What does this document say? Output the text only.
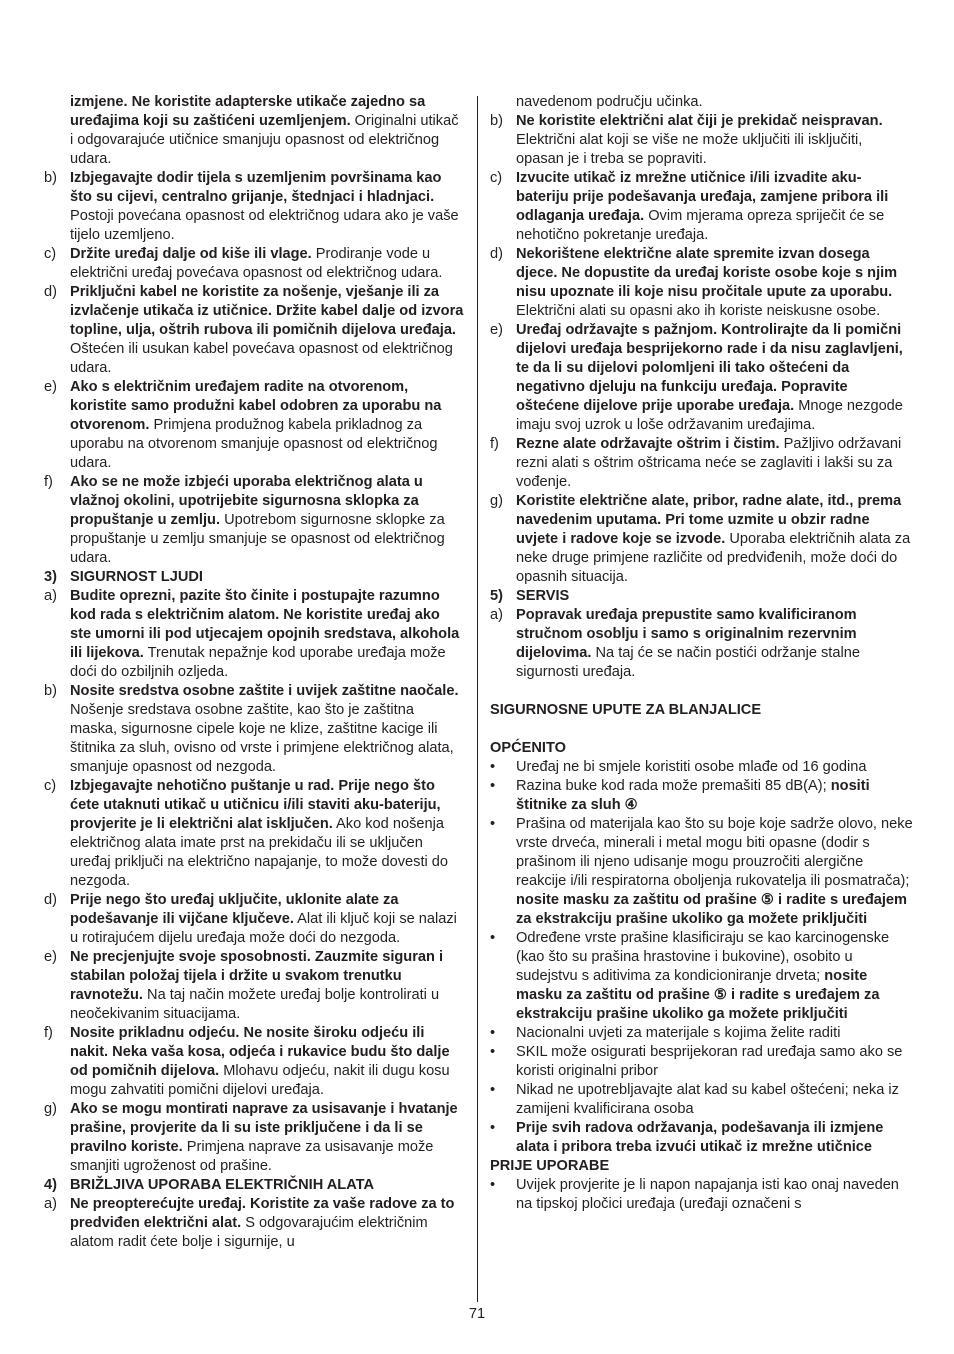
izmjene. Ne koristite adapterske utikače zajedno sa uređajima koji su zaštićeni uzemljenjem. Originalni utikač i odgovarajuće utičnice smanjuju opasnost od električnog udara.
b) Izbjegavajte dodir tijela s uzemljenim površinama kao što su cijevi, centralno grijanje, štednjaci i hladnjaci. Postoji povećana opasnost od električnog udara ako je vaše tijelo uzemljeno.
c) Držite uređaj dalje od kiše ili vlage. Prodiranje vode u električni uređaj povećava opasnost od električnog udara.
d) Priključni kabel ne koristite za nošenje, vješanje ili za izvlačenje utikača iz utičnice. Držite kabel dalje od izvora topline, ulja, oštrih rubova ili pomičnih dijelova uređaja. Oštećen ili usukan kabel povećava opasnost od električnog udara.
e) Ako s električnim uređajem radite na otvorenom, koristite samo produžni kabel odobren za uporabu na otvorenom. Primjena produžnog kabela prikladnog za uporabu na otvorenom smanjuje opasnost od električnog udara.
f) Ako se ne može izbjeći uporaba električnog alata u vlažnoj okolini, upotrijebite sigurnosna sklopka za propuštanje u zemlju. Upotrebom sigurnosne sklopke za propuštanje u zemlju smanjuje se opasnost od električnog udara.
3) SIGURNOST LJUDI
a) Budite oprezni, pazite što činite i postupajte razumno kod rada s električnim alatom. Ne koristite uređaj ako ste umorni ili pod utjecajem opojnih sredstava, alkohola ili lijekova. Trenutak nepažnje kod uporabe uređaja može doći do ozbiljnih ozljeda.
b) Nosite sredstva osobne zaštite i uvijek zaštitne naočale. Nošenje sredstava osobne zaštite, kao što je zaštitna maska, sigurnosne cipele koje ne klize, zaštitne kacige ili štitnika za sluh, ovisno od vrste i primjene električnog alata, smanjuje opasnost od nezgoda.
c) Izbjegavajte nehotično puštanje u rad. Prije nego što ćete utaknuti utikač u utičnicu i/ili staviti aku-bateriju, provjerite je li električni alat isključen. Ako kod nošenja električnog alata imate prst na prekidaču ili se uključen uređaj priključi na električno napajanje, to može dovesti do nezgoda.
d) Prije nego što uređaj uključite, uklonite alate za podešavanje ili vijčane ključeve. Alat ili ključ koji se nalazi u rotirajućem dijelu uređaja može doći do nezgoda.
e) Ne precjenjujte svoje sposobnosti. Zauzmite siguran i stabilan položaj tijela i držite u svakom trenutku ravnotežu. Na taj način možete uređaj bolje kontrolirati u neočekivanim situacijama.
f) Nosite prikladnu odjeću. Ne nosite široku odjeću ili nakit. Neka vaša kosa, odjeća i rukavice budu što dalje od pomičnih dijelova. Mlohavu odjeću, nakit ili dugu kosu mogu zahvatiti pomični dijelovi uređaja.
g) Ako se mogu montirati naprave za usisavanje i hvatanje prašine, provjerite da li su iste priključene i da li se pravilno koriste. Primjena naprave za usisavanje može smanjiti ugroženost od prašine.
4) BRIŽLJIVA UPORABA ELEKTRIČNIH ALATA
a) Ne preopterećujte uređaj. Koristite za vaše radove za to predviđen električni alat. S odgovarajućim električnim alatom radit ćete bolje i sigurnije, u
navedenom području učinka.
b) Ne koristite električni alat čiji je prekidač neispravan. Električni alat koji se više ne može uključiti ili isključiti, opasan je i treba se popraviti.
c) Izvucite utikač iz mrežne utičnice i/ili izvadite aku-bateriju prije podešavanja uređaja, zamjene pribora ili odlaganja uređaja. Ovim mjerama opreza spriječit će se nehotično pokretanje uređaja.
d) Nekorištene električne alate spremite izvan dosega djece. Ne dopustite da uređaj koriste osobe koje s njim nisu upoznate ili koje nisu pročitale upute za uporabu. Električni alati su opasni ako ih koriste neiskusne osobe.
e) Uređaj održavajte s pažnjom. Kontrolirajte da li pomični dijelovi uređaja besprijekorno rade i da nisu zaglavljeni, te da li su dijelovi polomljeni ili tako oštećeni da negativno djeluju na funkciju uređaja. Popravite oštećene dijelove prije uporabe uređaja. Mnoge nezgode imaju svoj uzrok u loše održavanim uređajima.
f) Rezne alate održavajte oštrim i čistim. Pažljivo održavani rezni alati s oštrim oštricama neće se zaglaviti i lakši su za vođenje.
g) Koristite električne alate, pribor, radne alate, itd., prema navedenim uputama. Pri tome uzmite u obzir radne uvjete i radove koje se izvode. Uporaba električnih alata za neke druge primjene različite od predviđenih, može doći do opasnih situacija.
5) SERVIS
a) Popravak uređaja prepustite samo kvalificiranom stručnom osoblju i samo s originalnim rezervnim dijelovima. Na taj će se način postići održanje stalne sigurnosti uređaja.
SIGURNOSNE UPUTE ZA BLANJALICE
OPĆENITO
• Uređaj ne bi smjele koristiti osobe mlađe od 16 godina
• Razina buke kod rada može premašiti 85 dB(A); nositi štitnike za sluh ④
• Prašina od materijala kao što su boje koje sadrže olovo, neke vrste drveća, minerali i metal mogu biti opasne (dodir s prašinom ili njeno udisanje mogu prouzročiti alergične reakcije i/ili respiratorna oboljenja rukovatelja ili posmatrača); nosite masku za zaštitu od prašine ⑤ i radite s uređajem za ekstrakciju prašine ukoliko ga možete priključiti
• Određene vrste prašine klasificiraju se kao karcinogenske (kao što su prašina hrastovine i bukovine), osobito u sudejstvu s aditivima za kondicioniranje drveta; nosite masku za zaštitu od prašine ⑤ i radite s uređajem za ekstrakciju prašine ukoliko ga možete priključiti
• Nacionalni uvjeti za materijale s kojima želite raditi
• SKIL može osigurati besprijekoran rad uređaja samo ako se koristi originalni pribor
• Nikad ne upotrebljavajte alat kad su kabel oštećeni; neka iz zamijeni kvalificirana osoba
• Prije svih radova održavanja, podešavanja ili izmjene alata i pribora treba izvući utikač iz mrežne utičnice
PRIJE UPORABE
• Uvijek provjerite je li napon napajanja isti kao onaj naveden na tipskoj pločici uređaja (uređaji označeni s
71
